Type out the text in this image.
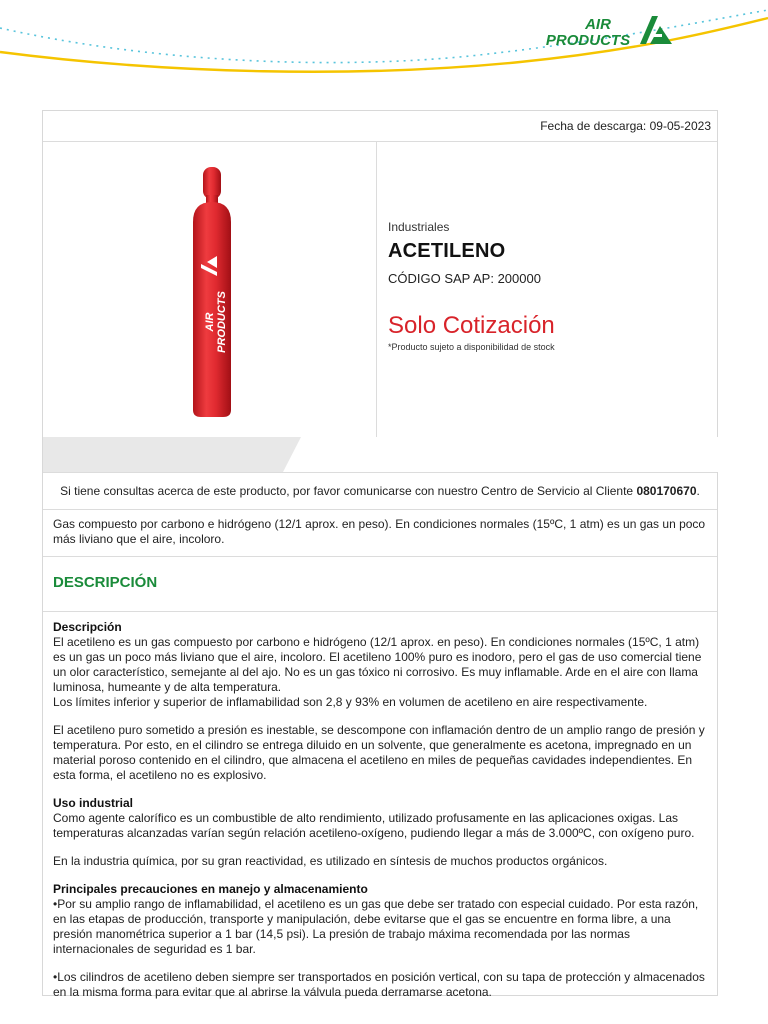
AIR
PRODUCTS
Fecha de descarga: 09-05-2023
AIR PRODUCTS

Industriales

ACETILENO

CÓDIGO SAP AP: 200000

Solo Cotización

*Producto sujeto a disponibilidad de stock

Si tiene consultas acerca de este producto, por favor comunicarse con nuestro Centro de Servicio al Cliente 080170670.
Gas compuesto por carbono e hidrógeno (12/1 aprox. en peso). En condiciones normales (15ºC, 1 atm) es un gas un poco más liviano que el aire, incoloro.
DESCRIPCIÓN
Descripción

El acetileno es un gas compuesto por carbono e hidrógeno (12/1 aprox. en peso). En condiciones normales (15ºC, 1 atm) es un gas un poco más liviano que el aire, incoloro. El acetileno 100% puro es inodoro, pero el gas de uso comercial tiene un olor característico, semejante al del ajo. No es un gas tóxico ni corrosivo. Es muy inflamable. Arde en el aire con llama luminosa, humeante y de alta temperatura.

Los límites inferior y superior de inflamabilidad son 2,8 y 93% en volumen de acetileno en aire respectivamente.

El acetileno puro sometido a presión es inestable, se descompone con inflamación dentro de un amplio rango de presión y temperatura. Por esto, en el cilindro se entrega diluido en un solvente, que generalmente es acetona, impregnado en un material poroso contenido en el cilindro, que almacena el acetileno en miles de pequeñas cavidades independientes. En esta forma, el acetileno no es explosivo.

Uso industrial

Como agente calorífico es un combustible de alto rendimiento, utilizado profusamente en las aplicaciones oxigas. Las temperaturas alcanzadas varían según relación acetileno-oxígeno, pudiendo llegar a más de 3.000ºC, con oxígeno puro.

En la industria química, por su gran reactividad, es utilizado en síntesis de muchos productos orgánicos.

Principales precauciones en manejo y almacenamiento

•Por su amplio rango de inflamabilidad, el acetileno es un gas que debe ser tratado con especial cuidado. Por esta razón, en las etapas de producción, transporte y manipulación, debe evitarse que el gas se encuentre en forma libre, a una presión manométrica superior a 1 bar (14,5 psi). La presión de trabajo máxima recomendada por las normas internacionales de seguridad es 1 bar.

•Los cilindros de acetileno deben siempre ser transportados en posición vertical, con su tapa de protección y almacenados en la misma forma para evitar que al abrirse la válvula pueda derramarse acetona.
